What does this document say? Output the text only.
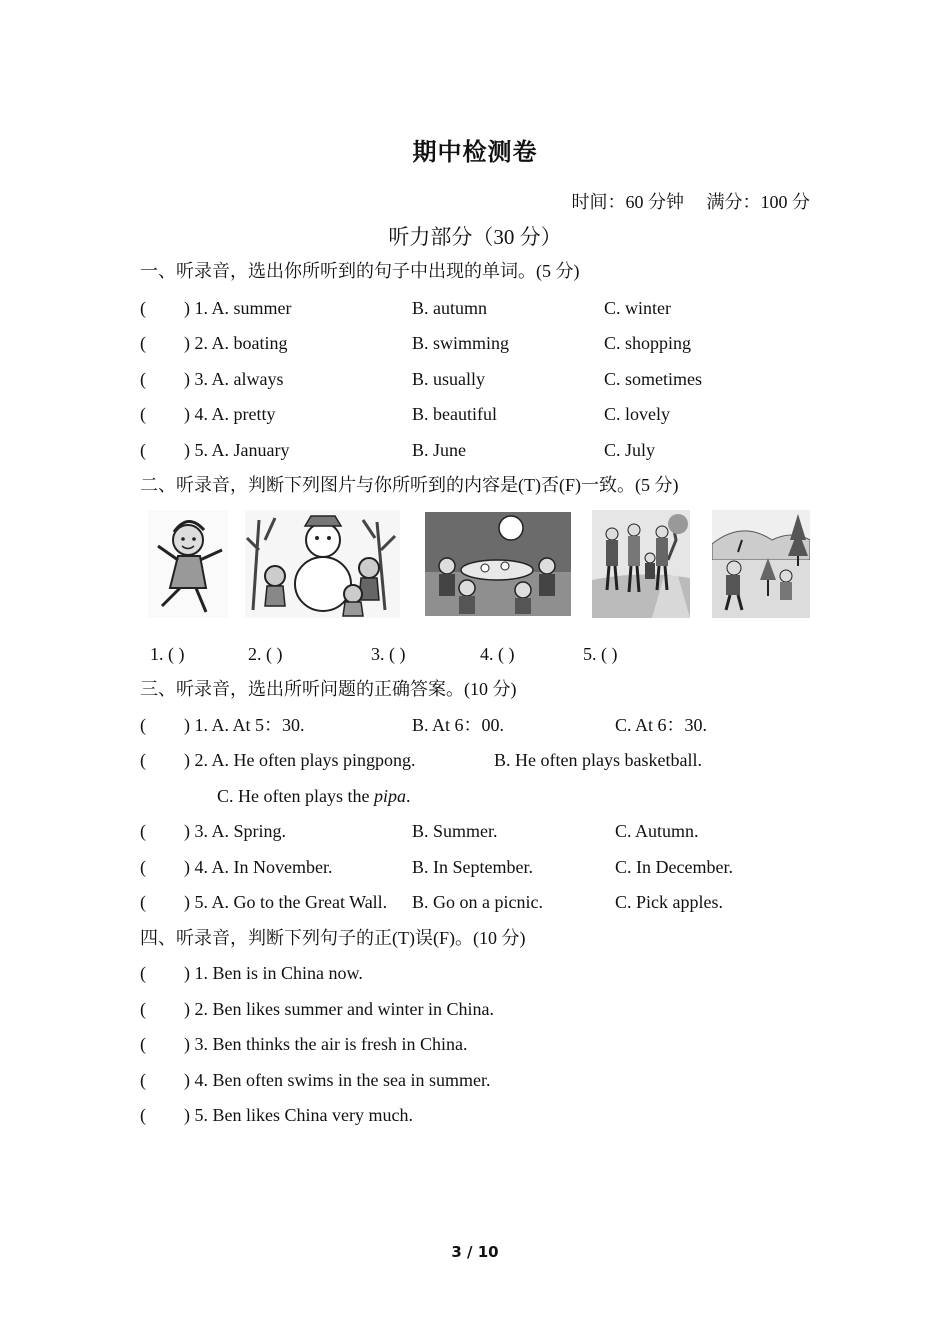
期中检测卷
时间：60 分钟 满分：100 分
听力部分（30 分）
一、听录音，选出你所听到的句子中出现的单词。(5 分)
( ) 1. A. summer	B. autumn	C. winter
( ) 2. A. boating	B. swimming	C. shopping
( ) 3. A. always	B. usually	C. sometimes
( ) 4. A. pretty	B. beautiful	C. lovely
( ) 5. A. January	B. June	C. July
二、听录音，判断下列图片与你所听到的内容是(T)否(F)一致。(5 分)
1. ( )	2. ( )	3. ( )	4. ( )	5. ( )
三、听录音，选出所听问题的正确答案。(10 分)
( ) 1. A. At 5：30.	B. At 6：00.	C. At 6：30.
( ) 2. A. He often plays pingpong.	B. He often plays basketball.
C. He often plays the pipa.
( ) 3. A. Spring.	B. Summer.	C. Autumn.
( ) 4. A. In November.	B. In September.	C. In December.
( ) 5. A. Go to the Great Wall. B. Go on a picnic.	C. Pick apples.
四、听录音，判断下列句子的正(T)误(F)。(10 分)
( ) 1. Ben is in China now.
( ) 2. Ben likes summer and winter in China.
( ) 3. Ben thinks the air is fresh in China.
( ) 4. Ben often swims in the sea in summer.
( ) 5. Ben likes China very much.
3 / 10
